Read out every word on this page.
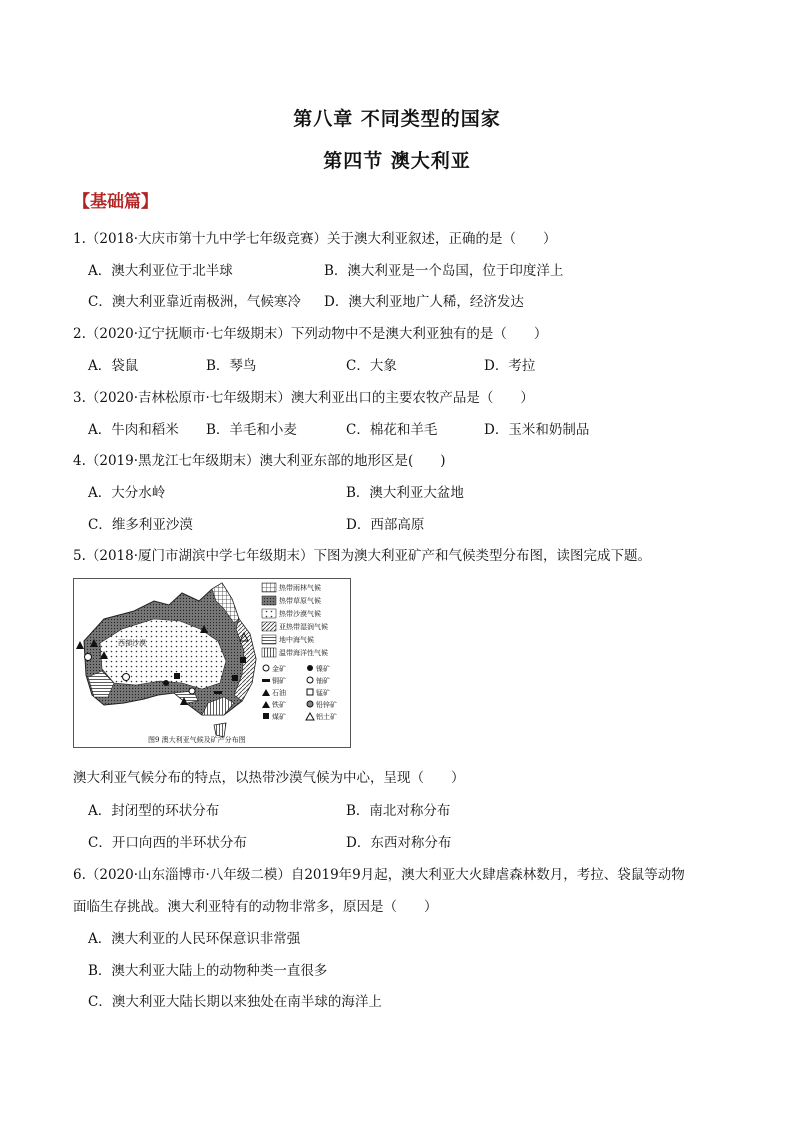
第八章 不同类型的国家
第四节 澳大利亚
【基础篇】
1.（2018·大庆市第十九中学七年级竞赛）关于澳大利亚叙述，正确的是（　　）
A．澳大利亚位于北半球	B．澳大利亚是一个岛国，位于印度洋上
C．澳大利亚靠近南极洲，气候寒冷 D．澳大利亚地广人稀，经济发达
2.（2020·辽宁抚顺市·七年级期末）下列动物中不是澳大利亚独有的是（　　）
A．袋鼠	B．琴鸟	C．大象	D．考拉
3.（2020·吉林松原市·七年级期末）澳大利亚出口的主要农牧产品是（　　）
A．牛肉和稻米 B．羊毛和小麦	C．棉花和羊毛	D．玉米和奶制品
4.（2019·黑龙江七年级期末）澳大利亚东部的地形区是(　　)
A．大分水岭	B．澳大利亚大盆地
C．维多利亚沙漠	D．西部高原
5.（2018·厦门市湖滨中学七年级期末）下图为澳大利亚矿产和气候类型分布图，读图完成下题。
西部沙漠
热带雨林气候
热带草原气候
热带沙漠气候
亚热带湿润气候
地中海气候
温带海洋性气候
金矿	镍矿
铜矿	铀矿
石油	锰矿
铁矿	铅锌矿
煤矿	铝土矿
图9 澳大利亚气候及矿产分布图
澳大利亚气候分布的特点，以热带沙漠气候为中心，呈现（　　）
A．封闭型的环状分布	B．南北对称分布
C．开口向西的半环状分布	D．东西对称分布
6.（2020·山东淄博市·八年级二模）自2019年9月起，澳大利亚大火肆虐森林数月，考拉、袋鼠等动物
面临生存挑战。澳大利亚特有的动物非常多，原因是（　　）
A．澳大利亚的人民环保意识非常强
B．澳大利亚大陆上的动物种类一直很多
C．澳大利亚大陆长期以来独处在南半球的海洋上
